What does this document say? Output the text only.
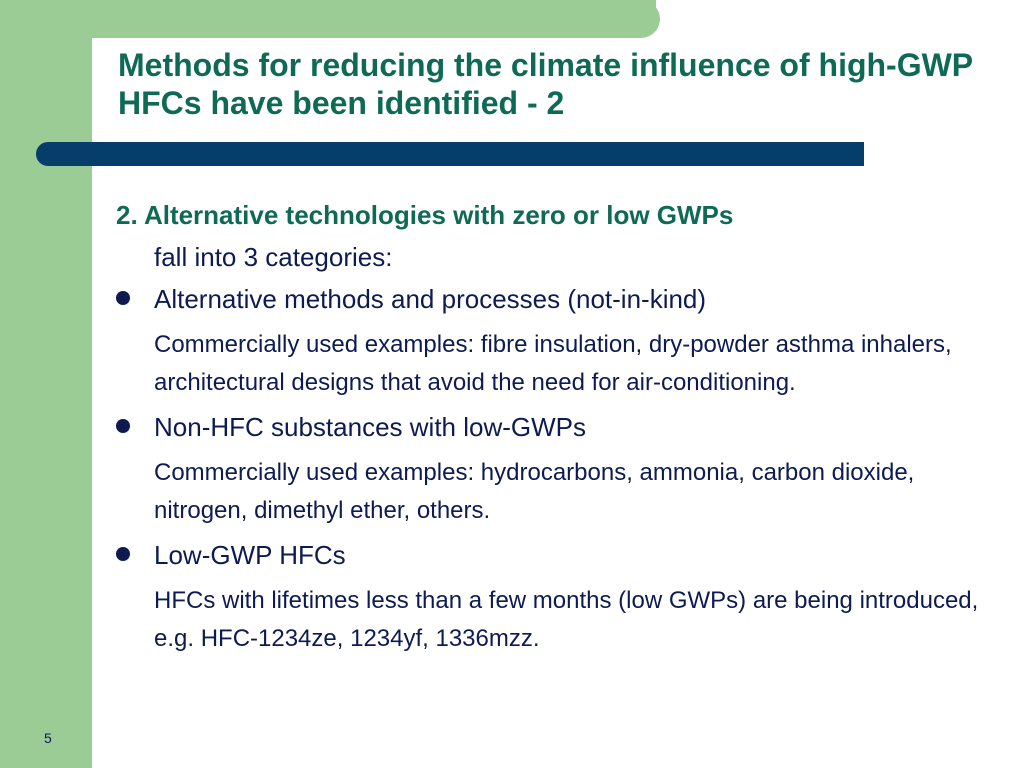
Methods for reducing the climate influence of high-GWP HFCs have been identified - 2

2. Alternative technologies with zero or low GWPs

fall into 3 categories:

Alternative methods and processes (not-in-kind)

Commercially used examples: fibre insulation, dry-powder asthma inhalers, architectural designs that avoid the need for air-conditioning.

Non-HFC substances with low-GWPs

Commercially used examples: hydrocarbons, ammonia, carbon dioxide, nitrogen, dimethyl ether, others.

Low-GWP HFCs

HFCs with lifetimes less than a few months (low GWPs) are being introduced, e.g. HFC-1234ze, 1234yf, 1336mzz.

5
